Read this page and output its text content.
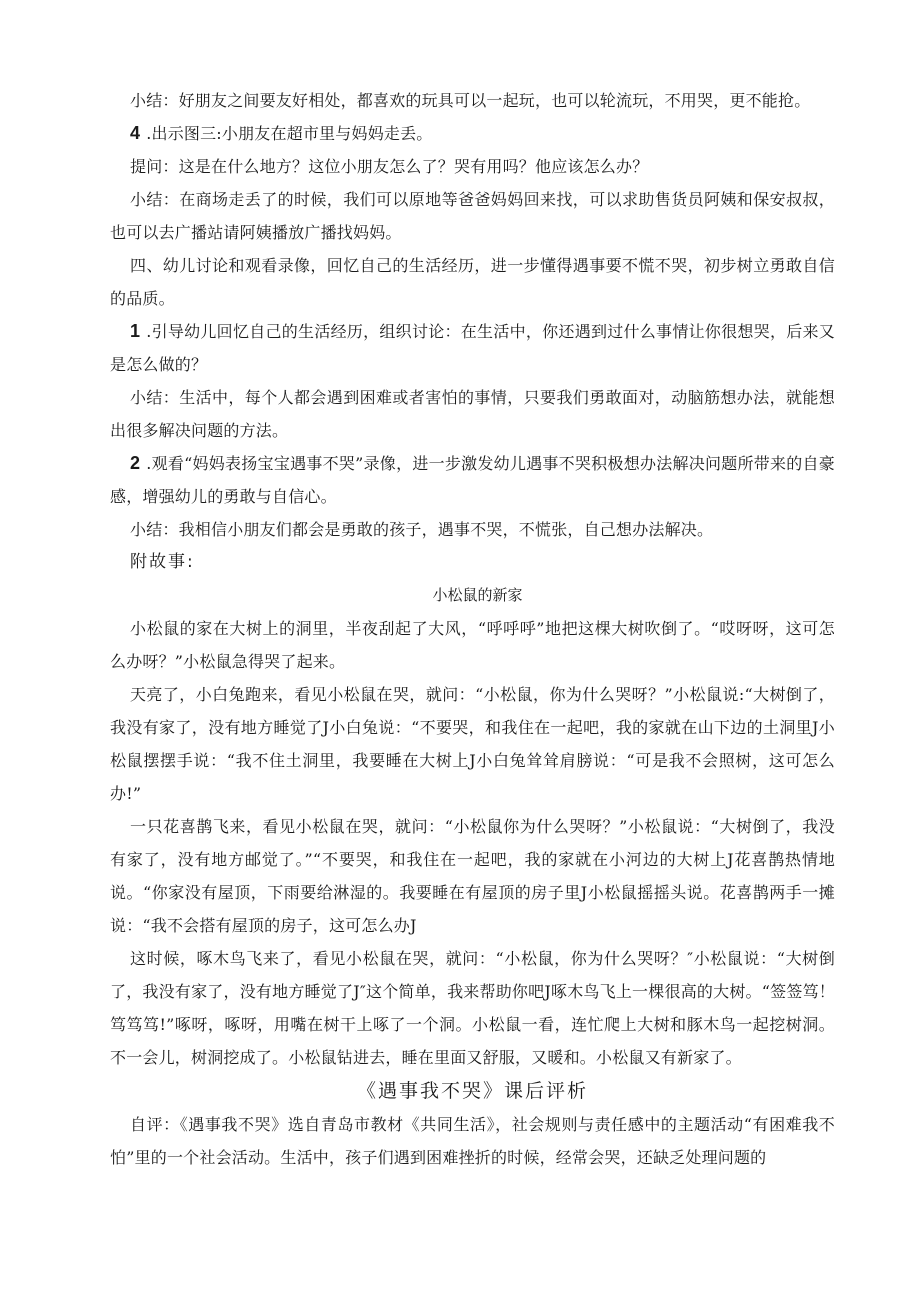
小结：好朋友之间要友好相处，都喜欢的玩具可以一起玩，也可以轮流玩，不用哭，更不能抢。

4 .出示图三:小朋友在超市里与妈妈走丢。

提问：这是在什么地方？这位小朋友怎么了？哭有用吗？他应该怎么办？

小结：在商场走丢了的时候，我们可以原地等爸爸妈妈回来找，可以求助售货员阿姨和保安叔叔，也可以去广播站请阿姨播放广播找妈妈。

四、幼儿讨论和观看录像，回忆自己的生活经历，进一步懂得遇事要不慌不哭，初步树立勇敢自信的品质。

1 .引导幼儿回忆自己的生活经历，组织讨论：在生活中，你还遇到过什么事情让你很想哭，后来又是怎么做的？

小结：生活中，每个人都会遇到困难或者害怕的事情，只要我们勇敢面对，动脑筋想办法，就能想出很多解决问题的方法。

2 .观看“妈妈表扬宝宝遇事不哭”录像，进一步激发幼儿遇事不哭积极想办法解决问题所带来的自豪感，增强幼儿的勇敢与自信心。

小结：我相信小朋友们都会是勇敢的孩子，遇事不哭，不慌张，自己想办法解决。

附故事:

小松鼠的新家

小松鼠的家在大树上的洞里，半夜刮起了大风，“呼呼呼”地把这棵大树吹倒了。“哎呀呀，这可怎么办呀？”小松鼠急得哭了起来。

天亮了，小白兔跑来，看见小松鼠在哭，就问：“小松鼠，你为什么哭呀？”小松鼠说:“大树倒了，我没有家了，没有地方睡觉了J小白兔说：“不要哭，和我住在一起吧，我的家就在山下边的土洞里J小松鼠摆摆手说：“我不住土洞里，我要睡在大树上J小白兔耸耸肩膀说：“可是我不会照树，这可怎么办!”

一只花喜鹊飞来，看见小松鼠在哭，就问：“小松鼠你为什么哭呀？”小松鼠说：“大树倒了，我没有家了，没有地方邮觉了。”“不要哭，和我住在一起吧，我的家就在小河边的大树上J花喜鹊热情地说。“你家没有屋顶，下雨要给淋湿的。我要睡在有屋顶的房子里J小松鼠摇摇头说。花喜鹊两手一摊说：“我不会搭有屋顶的房子，这可怎么办J

这时候，啄木鸟飞来了，看见小松鼠在哭，就问：“小松鼠，你为什么哭呀？″小松鼠说：“大树倒了，我没有家了，没有地方睡觉了J″这个简单，我来帮助你吧J啄木鸟飞上一棵很高的大树。“签签笃！笃笃笃!”啄呀，啄呀，用嘴在树干上啄了一个洞。小松鼠一看，连忙爬上大树和豚木鸟一起挖树洞。不一会儿，树洞挖成了。小松鼠钻进去，睡在里面又舒服，又暖和。小松鼠又有新家了。

《遇事我不哭》课后评析

自评：《遇事我不哭》选自青岛市教材《共同生活》，社会规则与责任感中的主题活动“有困难我不怕”里的一个社会活动。生活中，孩子们遇到困难挫折的时候，经常会哭，还缺乏处理问题的
